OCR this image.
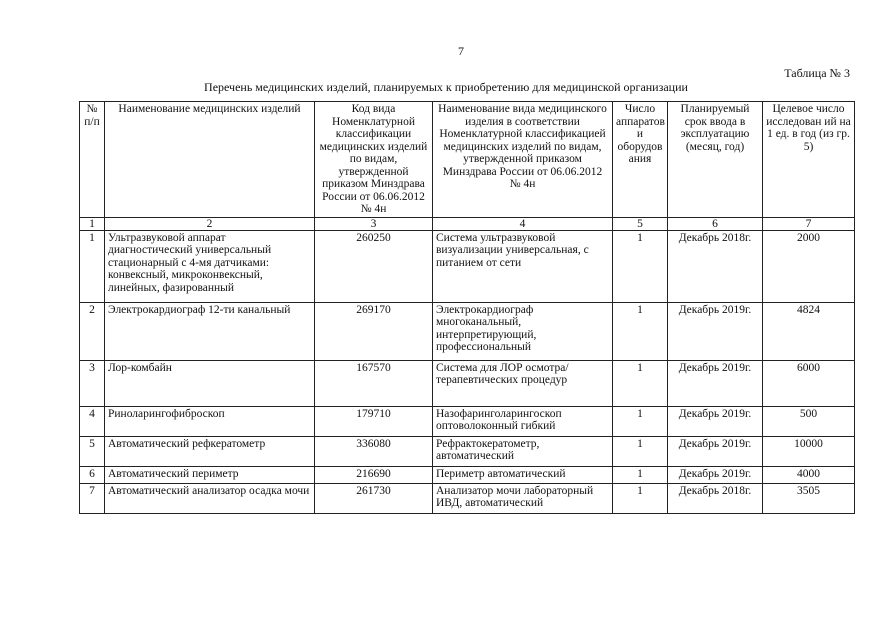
7
Таблица № 3
Перечень медицинских изделий, планируемых к приобретению для медицинской организации
№ п/п	Наименование медицинских изделий	Код вида Номенклатурной классификации медицинских изделий по видам, утвержденной приказом Минздрава России от 06.06.2012 № 4н	Наименование вида медицинского изделия в соответствии Номенклатурной классификацией медицинских изделий по видам, утвержденной приказом Минздрава России от 06.06.2012 № 4н	Число аппаратов и оборудов ания	Планируемый срок ввода в эксплуатацию (месяц, год)	Целевое число исследован ий на 1 ед. в год (из гр. 5)
1	2	3	4	5	6	7
1	Ультразвуковой аппарат диагностический универсальный стационарный с 4-мя датчиками: конвексный, микроконвексный, линейных, фазированный	260250	Система ультразвуковой визуализации универсальная, с питанием от сети	1	Декабрь 2018г.	2000
2	Электрокардиограф 12-ти канальный	269170	Электрокардиограф многоканальный, интерпретирующий, профессиональный	1	Декабрь 2019г.	4824
3	Лор-комбайн	167570	Система для ЛОР осмотра/терапевтических процедур	1	Декабрь 2019г.	6000
4	Риноларингофиброскоп	179710	Назофаринголарингоскоп оптоволоконный гибкий	1	Декабрь 2019г.	500
5	Автоматический рефкератометр	336080	Рефрактокератометр, автоматический	1	Декабрь 2019г.	10000
6	Автоматический периметр	216690	Периметр автоматический	1	Декабрь 2019г.	4000
7	Автоматический анализатор осадка мочи	261730	Анализатор мочи лабораторный ИВД, автоматический	1	Декабрь 2018г.	3505
